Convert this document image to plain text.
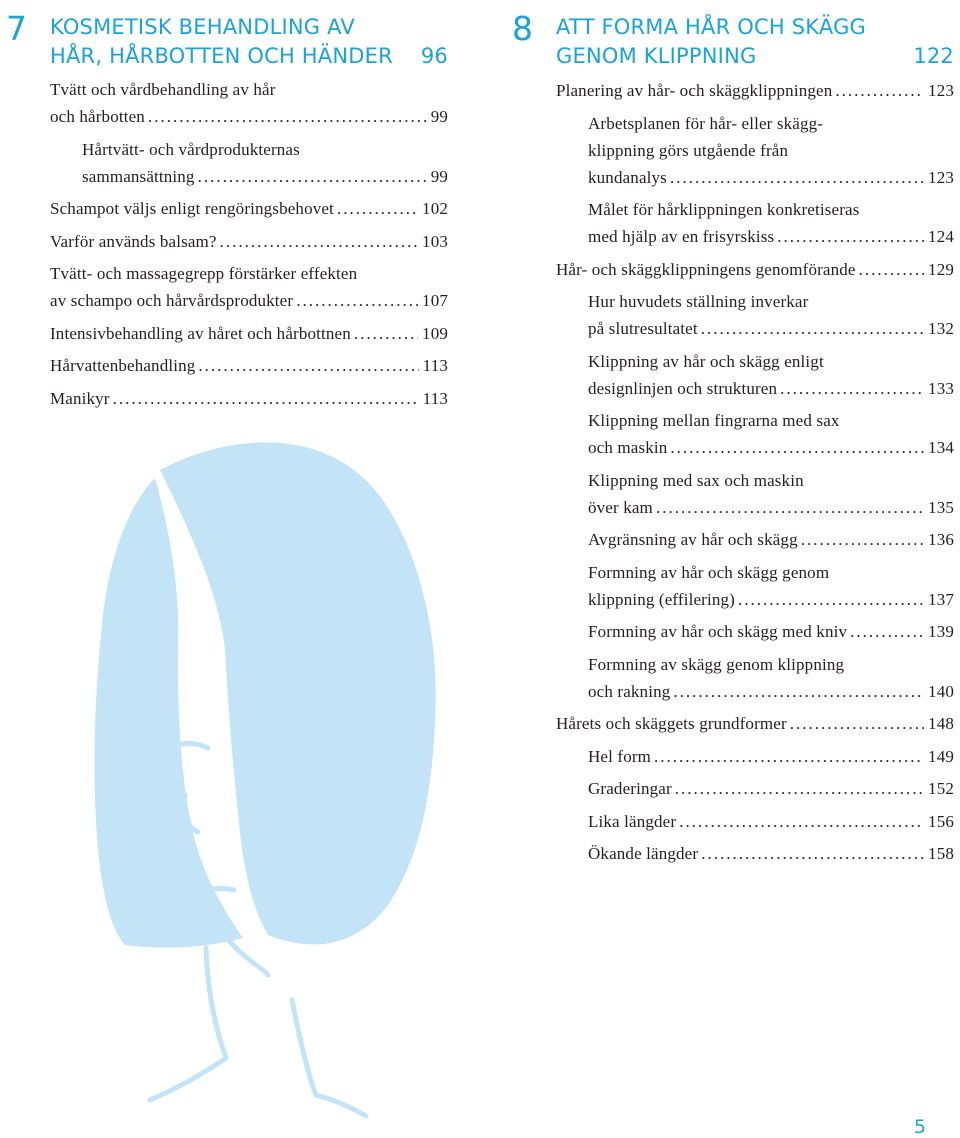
7 KOSMETISK BEHANDLING AV
HÅR, HÅRBOTTEN OCH HÄNDER 96
Tvätt och vårdbehandling av hår
och hårbotten .....	99
Hårtvätt- och vårdprodukternas
sammansättning .....	99
Schampot väljs enligt rengöringsbehovet .....	102
Varför används balsam? .....	103
Tvätt- och massagegrepp förstärker effekten
av schampo och hårvårdsprodukter .....	107
Intensivbehandling av håret och hårbottnen .....	109
Hårvattenbehandling .....	113
Manikyr .....	113
8 ATT FORMA HÅR OCH SKÄGG
GENOM KLIPPNING	122
Planering av hår- och skäggklippningen .....	123
Arbetsplanen för hår- eller skägg-
klippning görs utgående från
kundanalys .....	123
Målet för hårklippningen konkretiseras
med hjälp av en frisyrskiss .....	124
Hår- och skäggklippningens genomförande .....	129
Hur huvudets ställning inverkar
på slutresultatet .....	132
Klippning av hår och skägg enligt
designlinjen och strukturen .....	133
Klippning mellan fingrarna med sax
och maskin .....	134
Klippning med sax och maskin
över kam .....	135
Avgränsning av hår och skägg .....	136
Formning av hår och skägg genom
klippning (effilering) .....	137
Formning av hår och skägg med kniv .....	139
Formning av skägg genom klippning
och rakning .....	140
Hårets och skäggets grundformer .....	148
Hel form .....	149
Graderingar .....	152
Lika längder .....	156
Ökande längder .....	158
5
